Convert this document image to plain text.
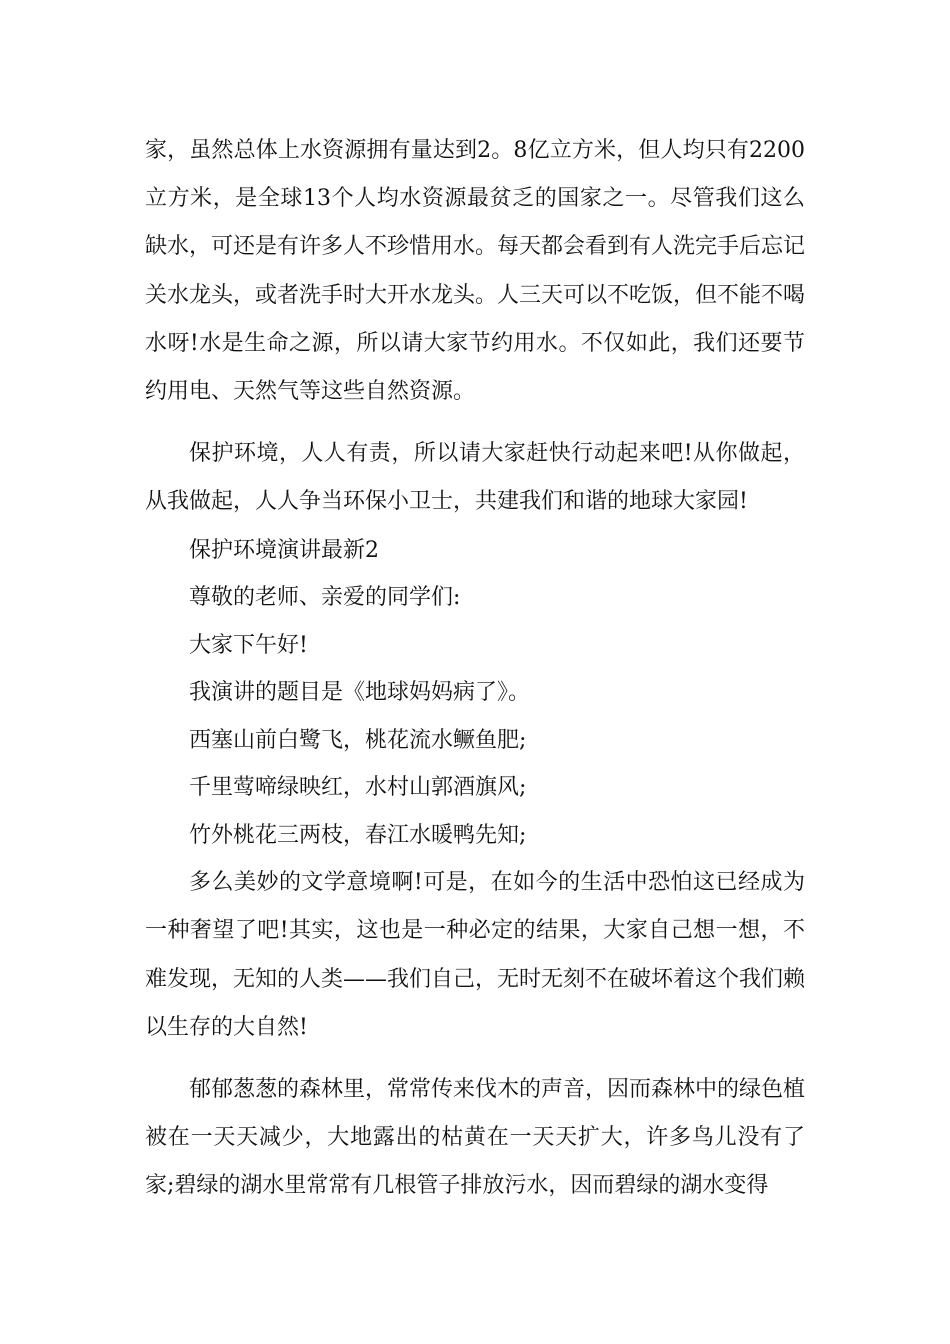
家，虽然总体上水资源拥有量达到2。8亿立方米，但人均只有2200立方米，是全球13个人均水资源最贫乏的国家之一。尽管我们这么缺水，可还是有许多人不珍惜用水。每天都会看到有人洗完手后忘记关水龙头，或者洗手时大开水龙头。人三天可以不吃饭，但不能不喝水呀!水是生命之源，所以请大家节约用水。不仅如此，我们还要节约用电、天然气等这些自然资源。

保护环境，人人有责，所以请大家赶快行动起来吧!从你做起，从我做起，人人争当环保小卫士，共建我们和谐的地球大家园!

保护环境演讲最新2

尊敬的老师、亲爱的同学们:

大家下午好!

我演讲的题目是《地球妈妈病了》。

西塞山前白鹭飞，桃花流水鳜鱼肥;

千里莺啼绿映红，水村山郭酒旗风;

竹外桃花三两枝，春江水暖鸭先知;

多么美妙的文学意境啊!可是，在如今的生活中恐怕这已经成为一种奢望了吧!其实，这也是一种必定的结果，大家自己想一想，不难发现，无知的人类——我们自己，无时无刻不在破坏着这个我们赖以生存的大自然!

郁郁葱葱的森林里，常常传来伐木的声音，因而森林中的绿色植被在一天天减少，大地露出的枯黄在一天天扩大，许多鸟儿没有了家;碧绿的湖水里常常有几根管子排放污水，因而碧绿的湖水变得
